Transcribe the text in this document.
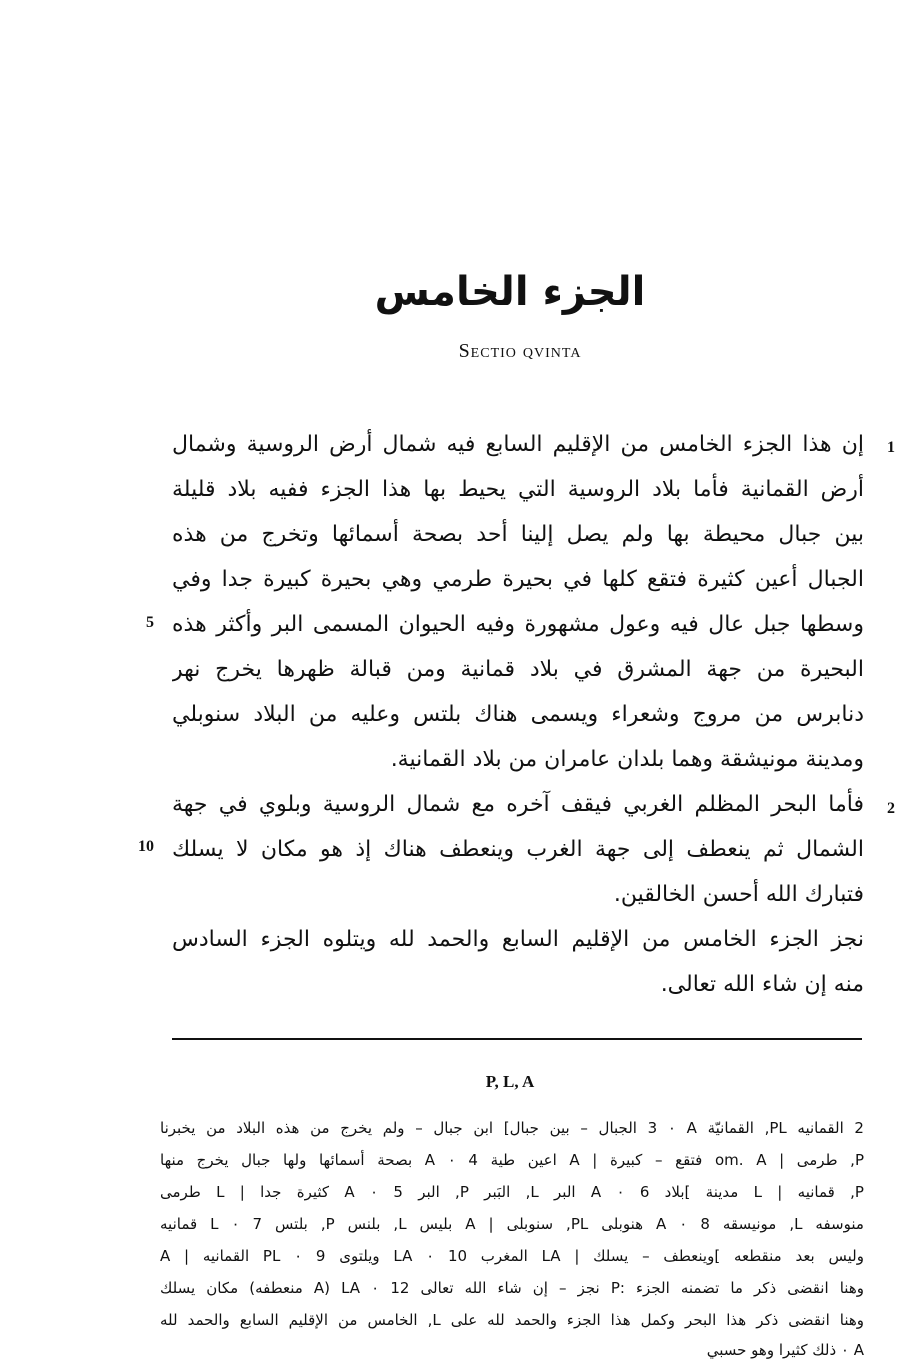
الجزء الخامس
Sectio qvinta
إن هذا الجزء الخامس من الإقليم السابع فيه شمال أرض الروسية وشمال
أرض القمانية فأما بلاد الروسية التي يحيط بها هذا الجزء ففيه بلاد قليلة
بين جبال محيطة بها ولم يصل إلينا أحد بصحة أسمائها وتخرج من هذه
الجبال أعين كثيرة فتقع كلها في بحيرة طرمي وهي بحيرة كبيرة جدا وفي
وسطها جبل عال فيه وعول مشهورة وفيه الحيوان المسمى البر وأكثر هذه
البحيرة من جهة المشرق في بلاد قمانية ومن قبالة ظهرها يخرج نهر
دنابرس من مروج وشعراء ويسمى هناك بلتس وعليه من البلاد سنوبلي
ومدينة مونيشقة وهما بلدان عامران من بلاد القمانية.
فأما البحر المظلم الغربي فيقف آخره مع شمال الروسية وبلوي في جهة
الشمال ثم ينعطف إلى جهة الغرب وينعطف هناك إذ هو مكان لا يسلك
فتبارك الله أحسن الخالقين.
نجز الجزء الخامس من الإقليم السابع والحمد لله ويتلوه الجزء السادس
منه إن شاء الله تعالى.
1
5
2
10
P, L, A
2 القمانيه PL, القمانيّة A ٠ 3 الجبال – بين جبال] ابن جبال – ولم يخرج من هذه البلاد من يخبرنا
P, طرمى | om. A فتقع – كبيرة | A اعين طية 4 ٠ A بصحة أسمائها ولها جبال يخرج منها
P, قمانيه | L مدينة ]بلاد 6 ٠ A البر L, البَبر P, البر 5 ٠ A كثيرة جدا | L طرمى
منوسفه L, مونيسقه 8 ٠ A هنوبلى PL, سنوبلى | A بليس L, بلنس P, بلتس 7 ٠ L قمانيه
وليس بعد منقطعه ]وينعطف – يسلك | LA المغرب 10 ٠ LA ويلتوى 9 ٠ PL القمانيه | A
وهنا انقضى ذكر ما تضمنه الجزء :P نجز – إن شاء الله تعالى 12 ٠ LA (A منعطفه) مكان يسلك
وهنا انقضى ذكر هذا البحر وكمل هذا الجزء والحمد لله على L, الخامس من الإقليم السابع والحمد لله
A ٠ ذلك كثيرا وهو حسبي
